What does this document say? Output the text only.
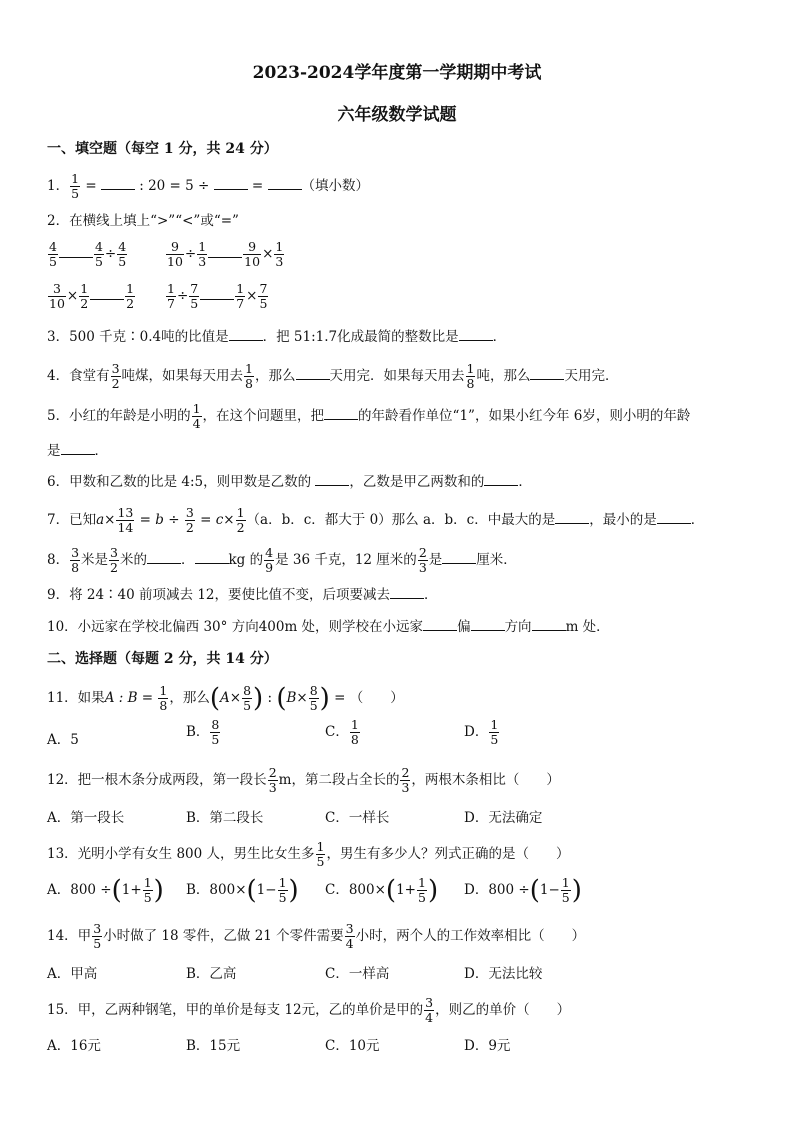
2023-2024学年度第一学期期中考试
六年级数学试题
一、填空题（每空 1 分，共 24 分）
1． $\frac{1}{5}$ =	: 20 = 5 ÷	=	（填小数）
2．在横线上填上“>”“<”或“=”
$\frac{4}{5}$	$\frac{4}{5} \div \frac{4}{5}$	$\frac{9}{10} \div \frac{1}{3}$	$\frac{9}{10} \times \frac{1}{3}$
$\frac{3}{10} \times \frac{1}{2}$	$\frac{1}{2} \frac{1}{7} \div \frac{7}{5}$	$\frac{1}{7} \times \frac{7}{5}$
3．500 千克∶0.4吨的比值是	．把 51:1.7化成最简的整数比是	．
4．食堂有 $\frac{3}{2}$ 吨煤，如果每天用去 $\frac{1}{8}$ ，那么	天用完．如果每天用去 $\frac{1}{8}$ 吨，那么	天用完．
5．小红的年龄是小明的 $\frac{1}{4}$ ，在这个问题里，把	的年龄看作单位“1”，如果小红今年 6岁，则小明的年龄
是	．
6．甲数和乙数的比是 4:5，则甲数是乙数的	，乙数是甲乙两数和的	．
7．已知$a\times \frac{13}{14} = b \div \frac{3}{2} = c\times \frac{1}{2} (a$．b．c．都大于 0）那么 a．b．c．中最大的是	，最小的是	．
8． $\frac{3}{8}$ 米是 $\frac{3}{2}$ 米的	．	kg 的 $\frac{4}{9}$ 是 36 千克，12 厘米的 $\frac{2}{3}$ 是	厘米．
9．将 24∶40 前项减去 12，要使比值不变，后项要减去	．
10．小远家在学校北偏西 30° 方向400m 处，则学校在小远家	偏	方向	m 处．
二、选择题（每题 2 分，共 14 分）
11．如果A : $B = \frac{1}{8}$ ，那么($A\times \frac{8}{5}$ ) : ($B\times \frac{8}{5}$ ) = （　　）
A．5	B． $\frac{8}{5}$	C． $\frac{1}{8}$	D． $\frac{1}{5}$
12．把一根木条分成两段，第一段长 $\frac{2}{3}$ m，第二段占全长的 $\frac{2}{3}$ ，两根木条相比（　　）
A．第一段长	B．第二段长	C．一样长	D．无法确定
13．光明小学有女生 800 人，男生比女生多 $\frac{1}{5}$ ，男生有多少人？列式正确的是（　　）
A．$800 \div(1+ \frac{1}{5}$ ) B．$800\times(1- \frac{1}{5}$ ) C．$800\times(1+ \frac{1}{5}$ ) D．$800 \div(1- \frac{1}{5}$ )
14．甲 $\frac{3}{5}$ 小时做了 18 零件，乙做 21 个零件需要 $\frac{3}{4}$ 小时，两个人的工作效率相比（　　）
A．甲高	B．乙高	C．一样高	D．无法比较
15．甲，乙两种钢笔，甲的单价是每支 12元，乙的单价是甲的 $\frac{3}{4}$ ，则乙的单价（　　）
A．16元	B．15元	C．10元	D．9元
